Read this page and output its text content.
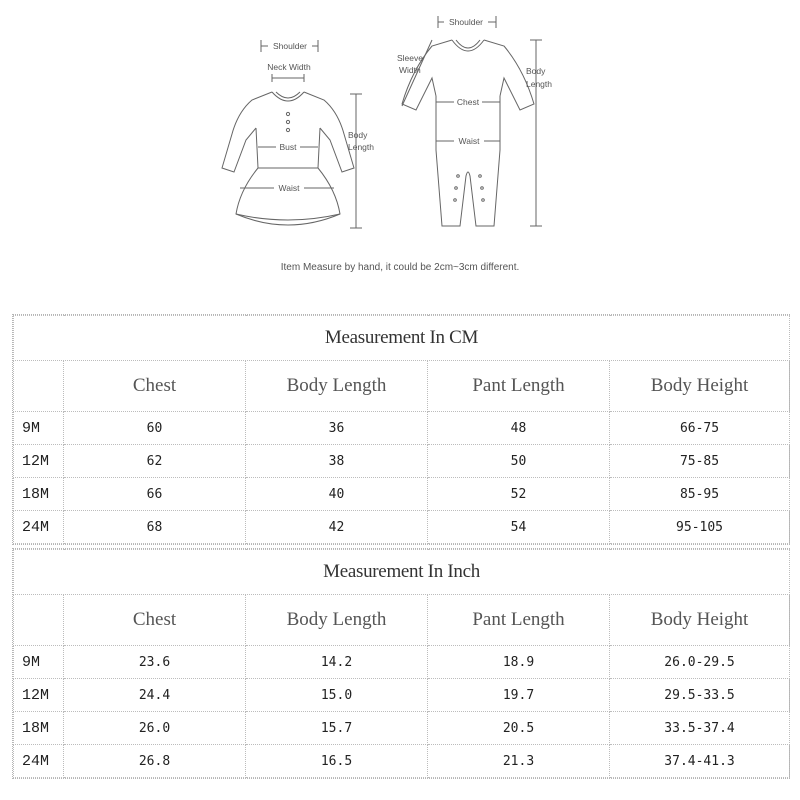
Shoulder
Neck Width
Bust
Waist
Body
Length
Shoulder
Sleeve
Width
Chest
Waist
Body
Length
Item Measure by hand, it could be 2cm~3cm different.
Measurement In CM				
	Chest	Body Length	Pant Length	Body Height
9M	60	36	48	66-75
12M	62	38	50	75-85
18M	66	40	52	85-95
24M	68	42	54	95-105
Measurement In Inch				
	Chest	Body Length	Pant Length	Body Height
9M	23.6	14.2	18.9	26.0-29.5
12M	24.4	15.0	19.7	29.5-33.5
18M	26.0	15.7	20.5	33.5-37.4
24M	26.8	16.5	21.3	37.4-41.3
